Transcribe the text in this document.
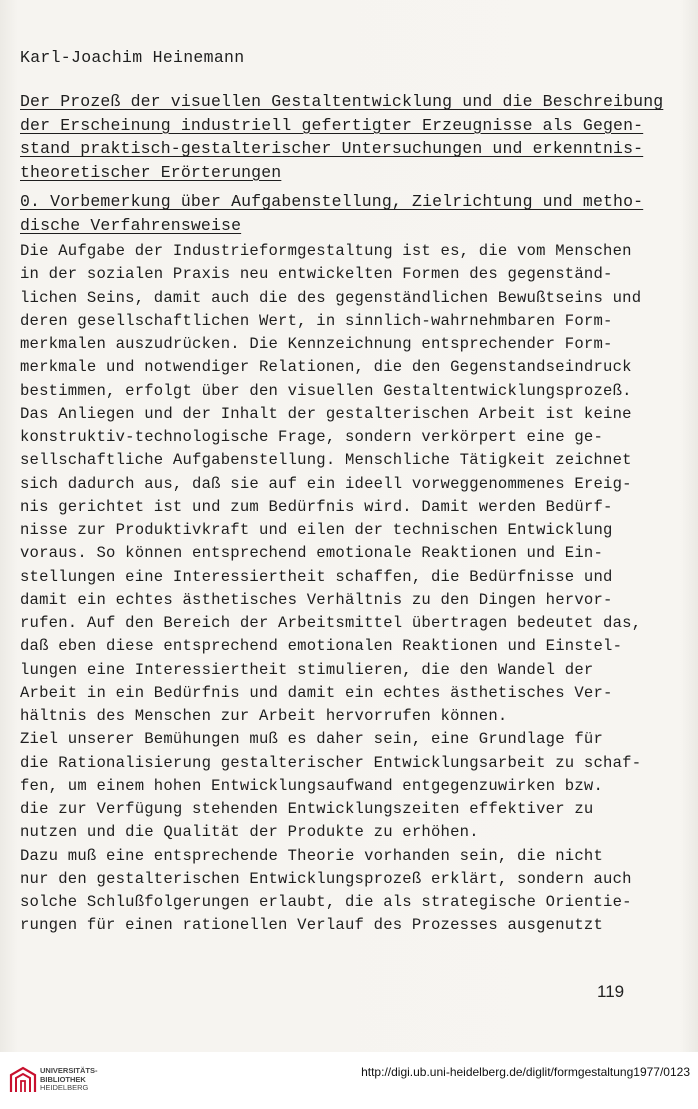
Karl-Joachim Heinemann
Der Prozeß der visuellen Gestaltentwicklung und die Beschreibung
der Erscheinung industriell gefertigter Erzeugnisse als Gegen-
stand praktisch-gestalterischer Untersuchungen und erkenntnis-
theoretischer Erörterungen
0. Vorbemerkung über Aufgabenstellung, Zielrichtung und metho-
dische Verfahrensweise
Die Aufgabe der Industrieformgestaltung ist es, die vom Menschen
in der sozialen Praxis neu entwickelten Formen des gegenständ-
lichen Seins, damit auch die des gegenständlichen Bewußtseins und
deren gesellschaftlichen Wert, in sinnlich-wahrnehmbaren Form-
merkmalen auszudrücken. Die Kennzeichnung entsprechender Form-
merkmale und notwendiger Relationen, die den Gegenstandseindruck
bestimmen, erfolgt über den visuellen Gestaltentwicklungsprozeß.
Das Anliegen und der Inhalt der gestalterischen Arbeit ist keine
konstruktiv-technologische Frage, sondern verkörpert eine ge-
sellschaftliche Aufgabenstellung. Menschliche Tätigkeit zeichnet
sich dadurch aus, daß sie auf ein ideell vorweggenommenes Ereig-
nis gerichtet ist und zum Bedürfnis wird. Damit werden Bedürf-
nisse zur Produktivkraft und eilen der technischen Entwicklung
voraus. So können entsprechend emotionale Reaktionen und Ein-
stellungen eine Interessiertheit schaffen, die Bedürfnisse und
damit ein echtes ästhetisches Verhältnis zu den Dingen hervor-
rufen. Auf den Bereich der Arbeitsmittel übertragen bedeutet das,
daß eben diese entsprechend emotionalen Reaktionen und Einstel-
lungen eine Interessiertheit stimulieren, die den Wandel der
Arbeit in ein Bedürfnis und damit ein echtes ästhetisches Ver-
hältnis des Menschen zur Arbeit hervorrufen können.
Ziel unserer Bemühungen muß es daher sein, eine Grundlage für
die Rationalisierung gestalterischer Entwicklungsarbeit zu schaf-
fen, um einem hohen Entwicklungsaufwand entgegenzuwirken bzw.
die zur Verfügung stehenden Entwicklungszeiten effektiver zu
nutzen und die Qualität der Produkte zu erhöhen.
Dazu muß eine entsprechende Theorie vorhanden sein, die nicht
nur den gestalterischen Entwicklungsprozeß erklärt, sondern auch
solche Schlußfolgerungen erlaubt, die als strategische Orientie-
rungen für einen rationellen Verlauf des Prozesses ausgenutzt
119
UNIVERSITÄTS-
BIBLIOTHEK
HEIDELBERG
http://digi.ub.uni-heidelberg.de/diglit/formgestaltung1977/0123
